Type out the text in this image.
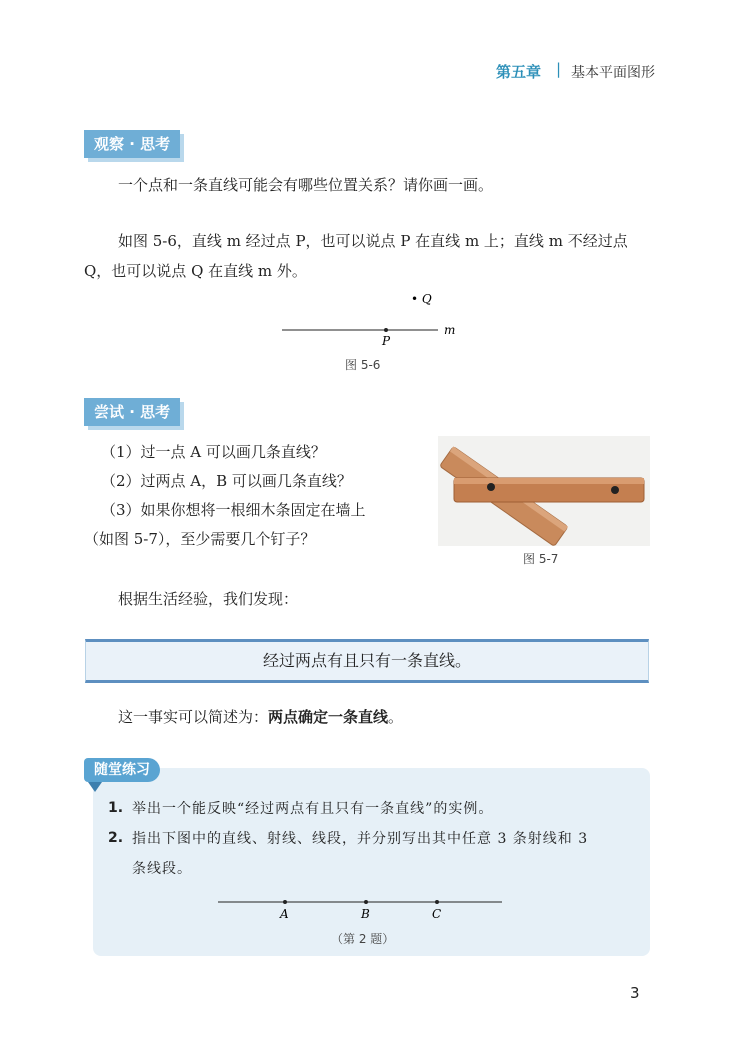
第五章 | 基本平面图形
观察 · 思考
一个点和一条直线可能会有哪些位置关系？请你画一画。
如图 5-6，直线 m 经过点 P，也可以说点 P 在直线 m 上；直线 m 不经过点
Q，也可以说点 Q 在直线 m 外。
• Q
m
P
图 5-6
尝试 · 思考
（1）过一点 A 可以画几条直线？
（2）过两点 A，B 可以画几条直线？
（3）如果你想将一根细木条固定在墙上
（如图 5-7），至少需要几个钉子？
图 5-7
根据生活经验，我们发现：
经过两点有且只有一条直线。
这一事实可以简述为：两点确定一条直线。
随堂练习
1. 举出一个能反映“经过两点有且只有一条直线”的实例。
2. 指出下图中的直线、射线、线段，并分别写出其中任意 3 条射线和 3
条线段。
A	B	C
（第 2 题）
3
